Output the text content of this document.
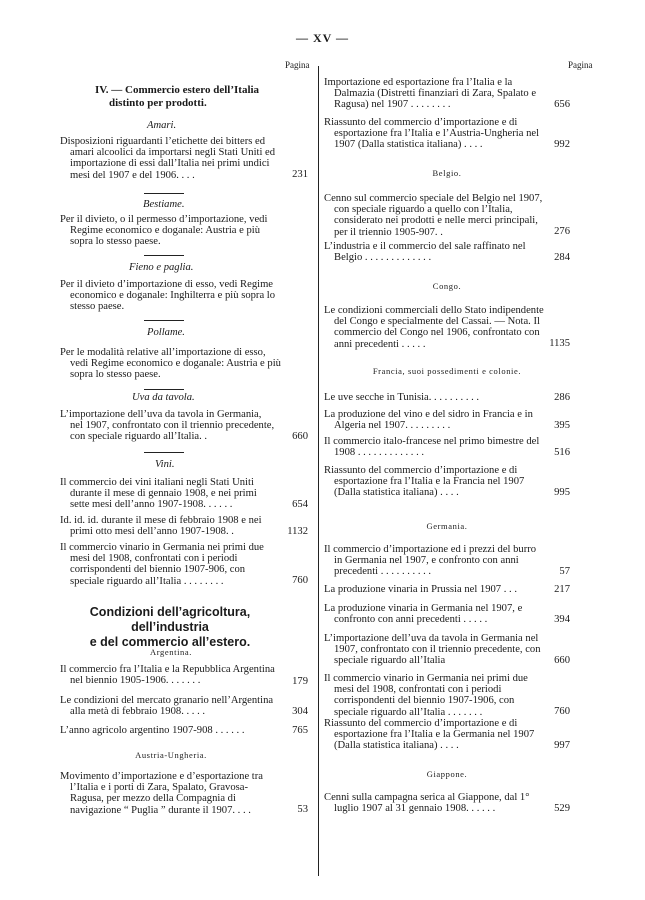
— XV —
Pagina	Pagina
IV. — Commercio estero dell’Italia
distinto per prodotti.
Amari.
Disposizioni riguardanti l’etichette dei bitters ed amari alcoolici da importarsi negli Stati Uniti ed importazione di essi dall’Italia nei primi undici mesi del 1907 e del 1906. . . .	231
Bestiame.
Per il divieto, o il permesso d’importazione, vedi Regime economico e doganale: Austria e più sopra lo stesso paese.
Fieno e paglia.
Per il divieto d’importazione di esso, vedi Regime economico e doganale: Inghilterra e più sopra lo stesso paese.
Pollame.
Per le modalità relative all’importazione di esso, vedi Regime economico e doganale: Austria e più sopra lo stesso paese.
Uva da tavola.
L’importazione dell’uva da tavola in Germania, nel 1907, confrontato con il triennio precedente, con speciale riguardo all’Italia. .	660
Vini.
Il commercio dei vini italiani negli Stati Uniti durante il mese di gennaio 1908, e nei primi sette mesi dell’anno 1907-1908. . . . . .	654
Id. id. id. durante il mese di febbraio 1908 e nei primi otto mesi dell’anno 1907-1908. .	1132
Il commercio vinario in Germania nei primi due mesi del 1908, confrontati con i periodi corrispondenti del biennio 1907-906, con speciale riguardo all’Italia . . . . . . . .	760
Condizioni dell’agricoltura, dell’industria
e del commercio all’estero.
Argentina.
Il commercio fra l’Italia e la Repubblica Argentina nel biennio 1905-1906. . . . . . .	179
Le condizioni del mercato granario nell’Argentina alla metà di febbraio 1908. . . . .	304
L’anno agricolo argentino 1907-908 . . . . . .	765
Austria-Ungheria.
Movimento d’importazione e d’esportazione tra l’Italia e i porti di Zara, Spalato, Gravosa-Ragusa, per mezzo della Compagnia di navigazione “ Puglia ” durante il 1907. . . .	53
Importazione ed esportazione fra l’Italia e la Dalmazia (Distretti finanziari di Zara, Spalato e Ragusa) nel 1907 . . . . . . . .	656
Riassunto del commercio d’importazione e di esportazione fra l’Italia e l’Austria-Ungheria nel 1907 (Dalla statistica italiana) . . . .	992
Belgio.
Cenno sul commercio speciale del Belgio nel 1907, con speciale riguardo a quello con l’Italia, considerato nei prodotti e nelle merci principali, per il triennio 1905-907. .	276
L’industria e il commercio del sale raffinato nel Belgio . . . . . . . . . . . . .	284
Congo.
Le condizioni commerciali dello Stato indipendente del Congo e specialmente del Cassai. — Nota. Il commercio del Congo nel 1906, confrontato con anni precedenti . . . . .	1135
Francia, suoi possedimenti e colonie.
Le uve secche in Tunisia. . . . . . . . . .	286
La produzione del vino e del sidro in Francia e in Algeria nel 1907. . . . . . . . .	395
Il commercio italo-francese nel primo bimestre del 1908 . . . . . . . . . . . . .	516
Riassunto del commercio d’importazione e di esportazione fra l’Italia e la Francia nel 1907 (Dalla statistica italiana) . . . .	995
Germania.
Il commercio d’importazione ed i prezzi del burro in Germania nel 1907, e confronto con anni precedenti . . . . . . . . . .	57
La produzione vinaria in Prussia nel 1907 . . .	217
La produzione vinaria in Germania nel 1907, e confronto con anni precedenti . . . . .	394
L’importazione dell’uva da tavola in Germania nel 1907, confrontato con il triennio precedente, con speciale riguardo all’Italia	660
Il commercio vinario in Germania nei primi due mesi del 1908, confrontati con i periodi corrispondenti del biennio 1907-1906, con speciale riguardo all’Italia . . . . . . .	760
Riassunto del commercio d’importazione e di esportazione fra l’Italia e la Germania nel 1907 (Dalla statistica italiana) . . . .	997
Giappone.
Cenni sulla campagna serica al Giappone, dal 1° luglio 1907 al 31 gennaio 1908. . . . . .	529
